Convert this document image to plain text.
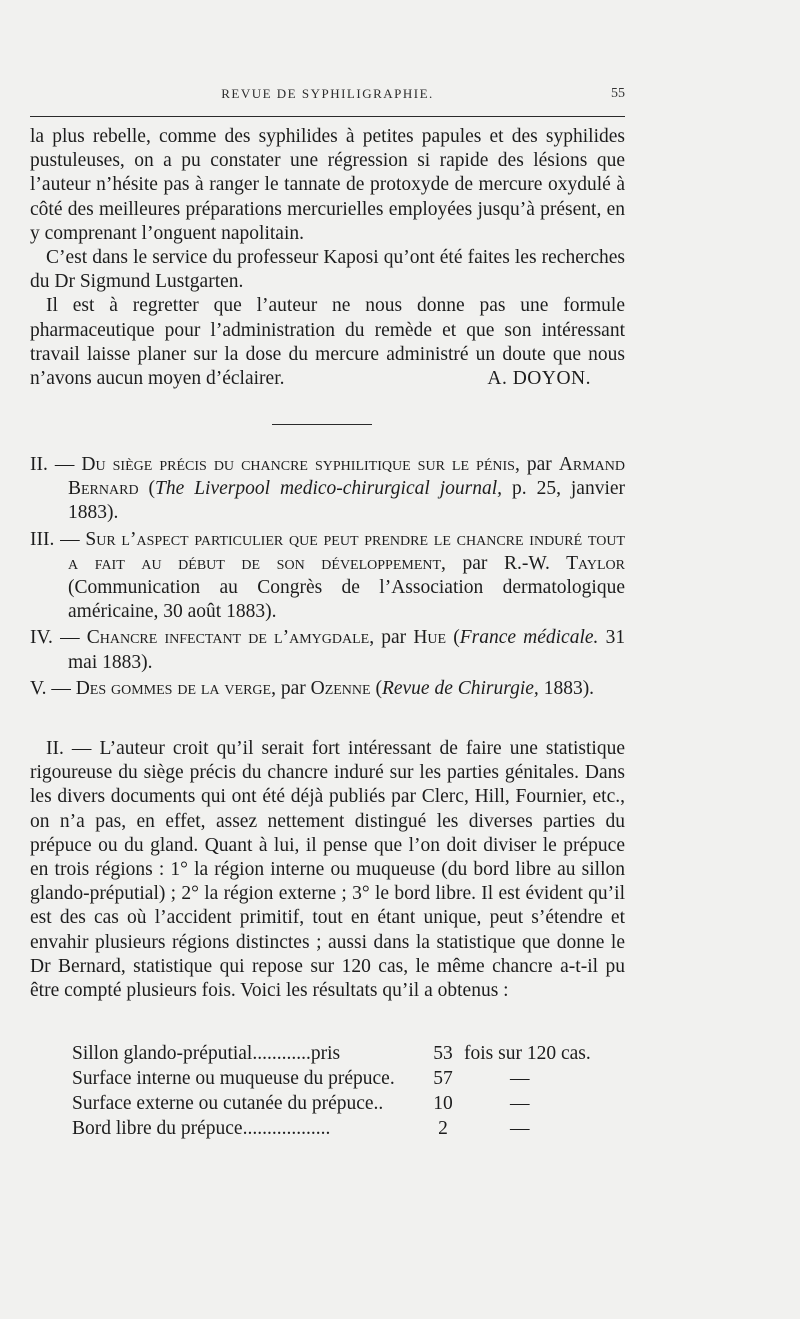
REVUE DE SYPHILIGRAPHIE.	55

la plus rebelle, comme des syphilides à petites papules et des syphilides pustuleuses, on a pu constater une régression si rapide des lésions que l’auteur n’hésite pas à ranger le tannate de protoxyde de mercure oxydulé à côté des meilleures préparations mercurielles employées jusqu’à présent, en y comprenant l’onguent napolitain.

C’est dans le service du professeur Kaposi qu’ont été faites les recherches du Dr Sigmund Lustgarten.

Il est à regretter que l’auteur ne nous donne pas une formule pharmaceutique pour l’administration du remède et que son intéressant travail laisse planer sur la dose du mercure administré un doute que nous n’avons aucun moyen d’éclairer.	A. DOYON.

II. — Du siège précis du chancre syphilitique sur le pénis, par Armand Bernard (The Liverpool medico-chirurgical journal, p. 25, janvier 1883).

III. — Sur l’aspect particulier que peut prendre le chancre induré tout a fait au début de son développement, par R.-W. Taylor (Communication au Congrès de l’Association dermatologique américaine, 30 août 1883).

IV. — Chancre infectant de l’amygdale, par Hue (France médicale. 31 mai 1883).

V. — Des gommes de la verge, par Ozenne (Revue de Chirurgie, 1883).

II. — L’auteur croit qu’il serait fort intéressant de faire une statistique rigoureuse du siège précis du chancre induré sur les parties génitales. Dans les divers documents qui ont été déjà publiés par Clerc, Hill, Fournier, etc., on n’a pas, en effet, assez nettement distingué les diverses parties du prépuce ou du gland. Quant à lui, il pense que l’on doit diviser le prépuce en trois régions : 1° la région interne ou muqueuse (du bord libre au sillon glando-préputial) ; 2° la région externe ; 3° le bord libre. Il est évident qu’il est des cas où l’accident primitif, tout en étant unique, peut s’étendre et envahir plusieurs régions distinctes ; aussi dans la statistique que donne le Dr Bernard, statistique qui repose sur 120 cas, le même chancre a-t-il pu être compté plusieurs fois. Voici les résultats qu’il a obtenus :

Sillon glando-préputial............pris	53 fois sur 120 cas.
Surface interne ou muqueuse du prépuce.	57	—
Surface externe ou cutanée du prépuce..	10	—
Bord libre du prépuce..................	2	—
